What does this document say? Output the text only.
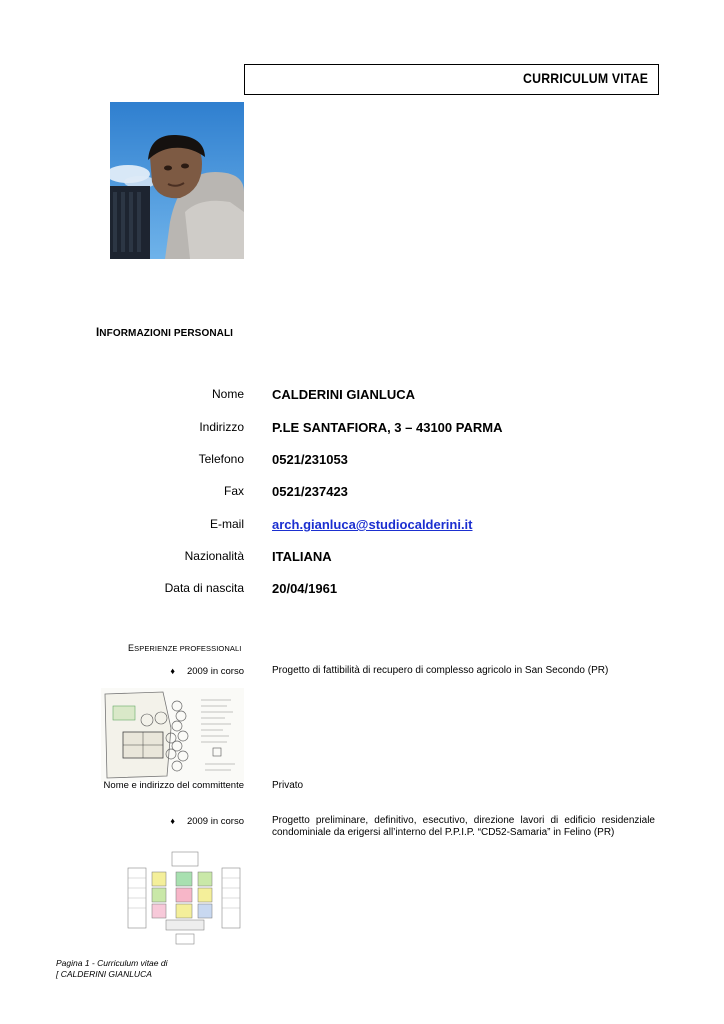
CURRICULUM VITAE
INFORMAZIONI PERSONALI
Nome CALDERINI GIANLUCA
Indirizzo P.LE SANTAFIORA, 3 – 43100 PARMA
Telefono 0521/231053
Fax 0521/237423
E-mail arch.gianluca@studiocalderini.it
Nazionalità ITALIANA
Data di nascita 20/04/1961
ESPERIENZE PROFESSIONALI
♦ 2009 in corso	Progetto di fattibilità di recupero di complesso agricolo in San Secondo (PR)
Nome e indirizzo del committente	Privato
♦ 2009 in corso	Progetto preliminare, definitivo, esecutivo, direzione lavori di edificio residenziale condominiale da erigersi all’interno del P.P.I.P. “CD52-Samaria” in Felino (PR)
Pagina 1 - Curriculum vitae di
[ CALDERINI GIANLUCA
